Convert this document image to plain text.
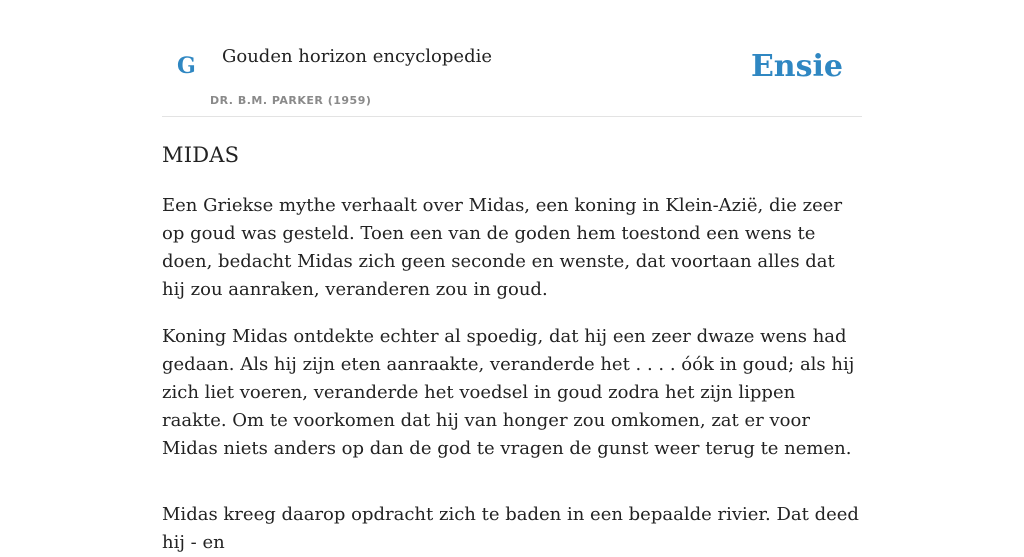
G Gouden horizon encyclopedie
DR. B.M. PARKER (1959)
Ensie
MIDAS

Een Griekse mythe verhaalt over Midas, een koning in Klein-Azië, die zeer op goud was gesteld. Toen een van de goden hem toestond een wens te doen, bedacht Midas zich geen seconde en wenste, dat voortaan alles dat hij zou aanraken, veranderen zou in goud.

Koning Midas ontdekte echter al spoedig, dat hij een zeer dwaze wens had gedaan. Als hij zijn eten aanraakte, veranderde het . . . . óók in goud; als hij zich liet voeren, veranderde het voedsel in goud zodra het zijn lippen raakte. Om te voorkomen dat hij van honger zou omkomen, zat er voor Midas niets anders op dan de god te vragen de gunst weer terug te nemen.

Midas kreeg daarop opdracht zich te baden in een bepaalde rivier. Dat deed hij - en
